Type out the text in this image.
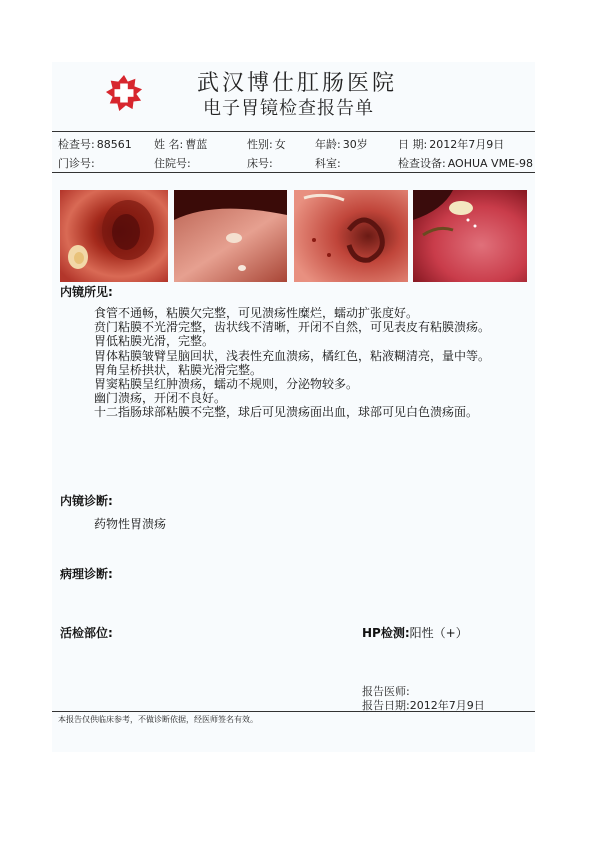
武汉博仕肛肠医院
电子胃镜检查报告单
检查号: 88561 姓 名: 曹蓝	性别: 女	年龄: 30岁	日 期: 2012年7月9日
门诊号:	住院号:	床号:	科室:	检查设备: AOHUA VME-98
内镜所见:
食管不通畅，粘膜欠完整，可见溃疡性糜烂，蠕动扩张度好。
贲门粘膜不光滑完整，齿状线不清晰，开闭不自然，可见表皮有粘膜溃疡。
胃低粘膜光滑，完整。
胃体粘膜皱臂呈脑回状，浅表性充血溃疡，橘红色，粘液糊清亮，量中等。
胃角呈桥拱状，粘膜光滑完整。
胃窦粘膜呈红肿溃疡，蠕动不规则，分泌物较多。
幽门溃疡，开闭不良好。
十二指肠球部粘膜不完整，球后可见溃疡面出血，球部可见白色溃疡面。
内镜诊断:
药物性胃溃疡
病理诊断:
活检部位:	HP检测:阳性（+）
报告医师:
报告日期:2012年7月9日
本报告仅供临床参考，不做诊断依据，经医师签名有效。
